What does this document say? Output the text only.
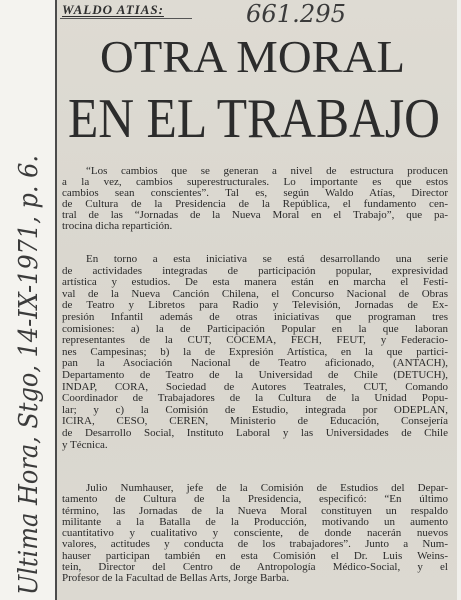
WALDO ATIAS:	661.295
OTRA MORAL
EN EL TRABAJO
Ultima Hora, Stgo, 14-IX-1971, p. 6.	“Los cambios que se generan a nivel de estructura producen
a la vez, cambios superestructurales. Lo importante es que estos
cambios sean conscientes”. Tal es, según Waldo Atías, Director
de Cultura de la Presidencia de la República, el fundamento cen-
tral de las “Jornadas de la Nueva Moral en el Trabajo”, que pa-
trocina dicha repartición.
En torno a esta iniciativa se está desarrollando una serie
de actividades integradas de participación popular, expresividad
artística y estudios. De esta manera están en marcha el Festi-
val de la Nueva Canción Chilena, el Concurso Nacional de Obras
de Teatro y Libretos para Radio y Televisión, Jornadas de Ex-
presión Infantil además de otras iniciativas que programan tres
comisiones: a) la de Participación Popular en la que laboran
representantes de la CUT, COCEMA, FECH, FEUT, y Federacio-
nes Campesinas; b) la de Expresión Artística, en la que partici-
pan la Asociación Nacional de Teatro aficionado, (ANTACH),
Departamento de Teatro de la Universidad de Chile (DETUCH),
INDAP, CORA, Sociedad de Autores Teatrales, CUT, Comando
Coordinador de Trabajadores de la Cultura de la Unidad Popu-
lar; y c) la Comisión de Estudio, integrada por ODEPLAN,
ICIRA, CESO, CEREN, Ministerio de Educación, Consejería
de Desarrollo Social, Instituto Laboral y las Universidades de Chile
y Técnica.
Julio Numhauser, jefe de la Comisión de Estudios del Depar-
tamento de Cultura de la Presidencia, especificó: “En último
término, las Jornadas de la Nueva Moral constituyen un respaldo
militante a la Batalla de la Producción, motivando un aumento
cuantitativo y cualitativo y consciente, de donde nacerán nuevos
valores, actitudes y conducta de los trabajadores”. Junto a Num-
hauser participan también en esta Comisión el Dr. Luis Weins-
tein, Director del Centro de Antropología Médico-Social, y el
Profesor de la Facultad de Bellas Arts, Jorge Barba.
